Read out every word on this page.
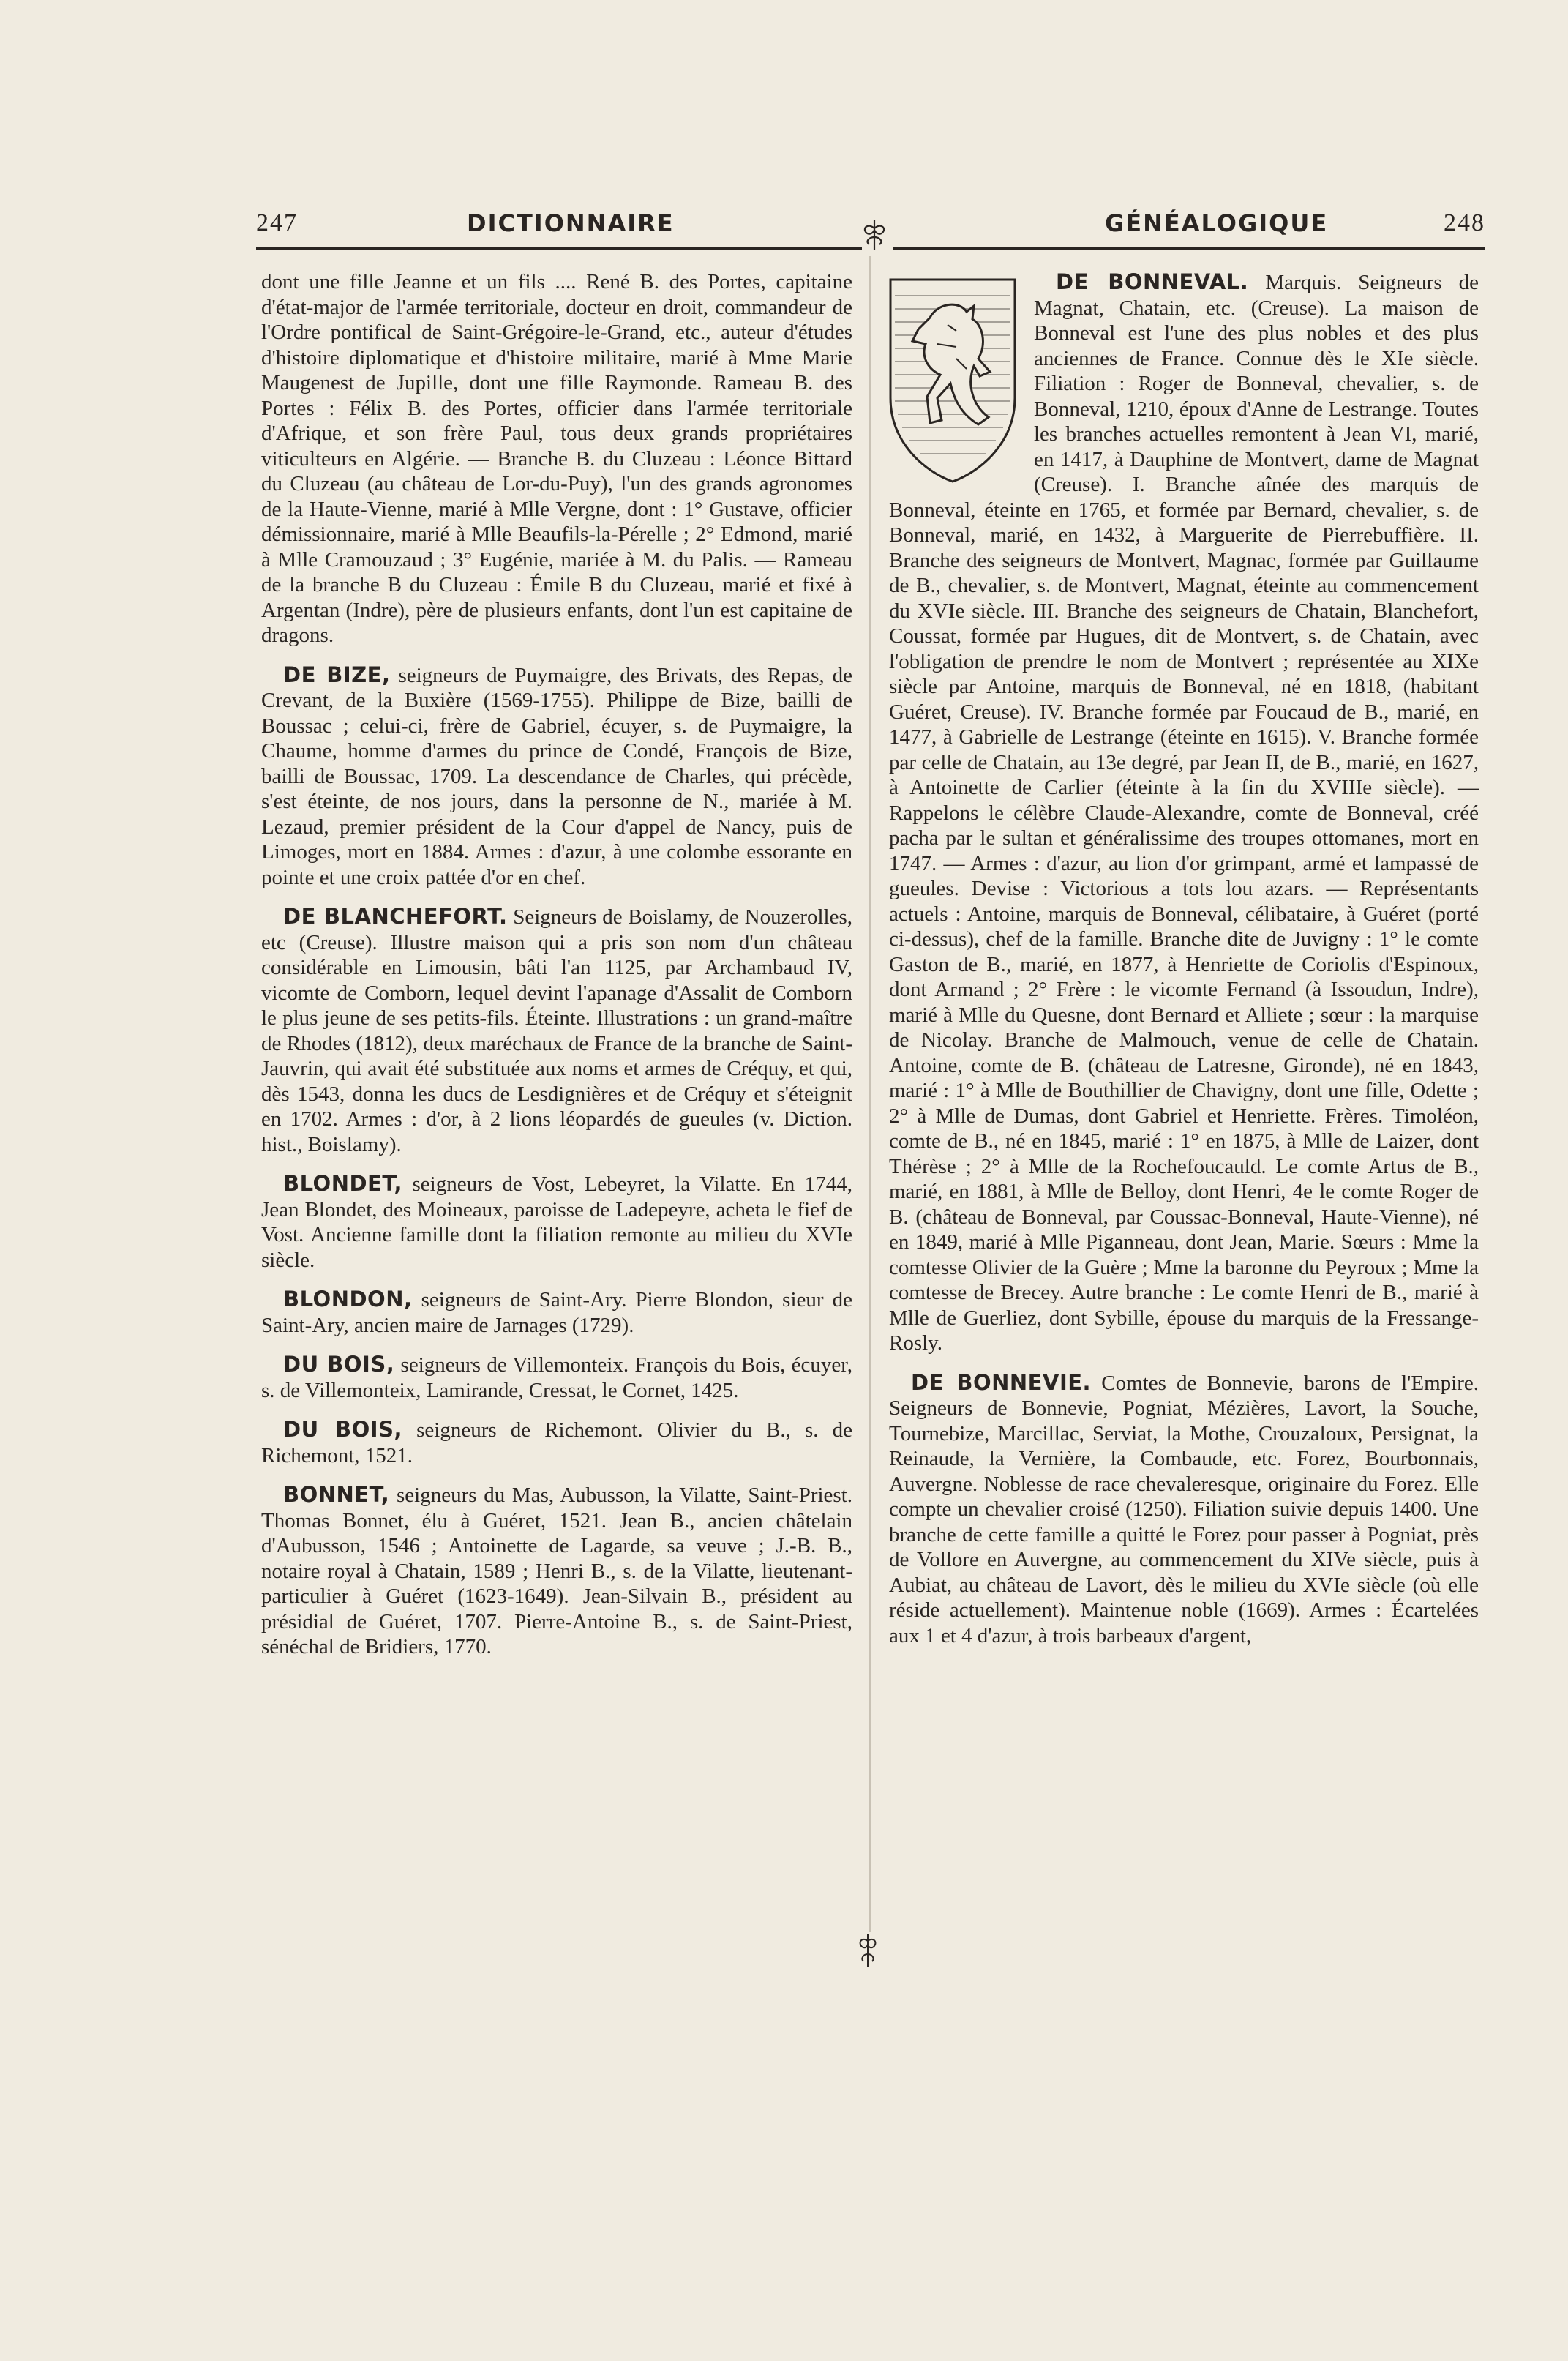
247	DICTIONNAIRE	GÉNÉALOGIQUE	248

dont une fille Jeanne et un fils .... René B. des Portes, capitaine d'état-major de l'armée territoriale, docteur en droit, commandeur de l'Ordre pontifical de Saint-Grégoire-le-Grand, etc., auteur d'études d'histoire diplomatique et d'histoire militaire, marié à Mme Marie Maugenest de Jupille, dont une fille Raymonde. Rameau B. des Portes : Félix B. des Portes, officier dans l'armée territoriale d'Afrique, et son frère Paul, tous deux grands propriétaires viticulteurs en Algérie. — Branche B. du Cluzeau : Léonce Bittard du Cluzeau (au château de Lor-du-Puy), l'un des grands agronomes de la Haute-Vienne, marié à Mlle Vergne, dont : 1° Gustave, officier démissionnaire, marié à Mlle Beaufils-la-Pérelle ; 2° Edmond, marié à Mlle Cramouzaud ; 3° Eugénie, mariée à M. du Palis. — Rameau de la branche B du Cluzeau : Émile B du Cluzeau, marié et fixé à Argentan (Indre), père de plusieurs enfants, dont l'un est capitaine de dragons.

DE BIZE, seigneurs de Puymaigre, des Brivats, des Repas, de Crevant, de la Buxière (1569-1755). Philippe de Bize, bailli de Boussac ; celui-ci, frère de Gabriel, écuyer, s. de Puymaigre, la Chaume, homme d'armes du prince de Condé, François de Bize, bailli de Boussac, 1709. La descendance de Charles, qui précède, s'est éteinte, de nos jours, dans la personne de N., mariée à M. Lezaud, premier président de la Cour d'appel de Nancy, puis de Limoges, mort en 1884. Armes : d'azur, à une colombe essorante en pointe et une croix pattée d'or en chef.

DE BLANCHEFORT. Seigneurs de Boislamy, de Nouzerolles, etc (Creuse). Illustre maison qui a pris son nom d'un château considérable en Limousin, bâti l'an 1125, par Archambaud IV, vicomte de Comborn, lequel devint l'apanage d'Assalit de Comborn le plus jeune de ses petits-fils. Éteinte. Illustrations : un grand-maître de Rhodes (1812), deux maréchaux de France de la branche de Saint-Jauvrin, qui avait été substituée aux noms et armes de Créquy, et qui, dès 1543, donna les ducs de Lesdignières et de Créquy et s'éteignit en 1702. Armes : d'or, à 2 lions léopardés de gueules (v. Diction. hist., Boislamy).

BLONDET, seigneurs de Vost, Lebeyret, la Vilatte. En 1744, Jean Blondet, des Moineaux, paroisse de Ladepeyre, acheta le fief de Vost. Ancienne famille dont la filiation remonte au milieu du XVIe siècle.

BLONDON, seigneurs de Saint-Ary. Pierre Blondon, sieur de Saint-Ary, ancien maire de Jarnages (1729).

DU BOIS, seigneurs de Villemonteix. François du Bois, écuyer, s. de Villemonteix, Lamirande, Cressat, le Cornet, 1425.

DU BOIS, seigneurs de Richemont. Olivier du B., s. de Richemont, 1521.

BONNET, seigneurs du Mas, Aubusson, la Vilatte, Saint-Priest. Thomas Bonnet, élu à Guéret, 1521. Jean B., ancien châtelain d'Aubusson, 1546 ; Antoinette de Lagarde, sa veuve ; J.-B. B., notaire royal à Chatain, 1589 ; Henri B., s. de la Vilatte, lieutenant-particulier à Guéret (1623-1649). Jean-Silvain B., président au présidial de Guéret, 1707. Pierre-Antoine B., s. de Saint-Priest, sénéchal de Bridiers, 1770.

DE BONNEVAL. Marquis. Seigneurs de Magnat, Chatain, etc. (Creuse). La maison de Bonneval est l'une des plus nobles et des plus anciennes de France. Connue dès le XIe siècle. Filiation : Roger de Bonneval, chevalier, s. de Bonneval, 1210, époux d'Anne de Lestrange. Toutes les branches actuelles remontent à Jean VI, marié, en 1417, à Dauphine de Montvert, dame de Magnat (Creuse). I. Branche aînée des marquis de Bonneval, éteinte en 1765, et formée par Bernard, chevalier, s. de Bonneval, marié, en 1432, à Marguerite de Pierrebuffière. II. Branche des seigneurs de Montvert, Magnac, formée par Guillaume de B., chevalier, s. de Montvert, Magnat, éteinte au commencement du XVIe siècle. III. Branche des seigneurs de Chatain, Blanchefort, Coussat, formée par Hugues, dit de Montvert, s. de Chatain, avec l'obligation de prendre le nom de Montvert ; représentée au XIXe siècle par Antoine, marquis de Bonneval, né en 1818, (habitant Guéret, Creuse). IV. Branche formée par Foucaud de B., marié, en 1477, à Gabrielle de Lestrange (éteinte en 1615). V. Branche formée par celle de Chatain, au 13e degré, par Jean II, de B., marié, en 1627, à Antoinette de Carlier (éteinte à la fin du XVIIIe siècle). — Rappelons le célèbre Claude-Alexandre, comte de Bonneval, créé pacha par le sultan et généralissime des troupes ottomanes, mort en 1747. — Armes : d'azur, au lion d'or grimpant, armé et lampassé de gueules. Devise : Victorious a tots lou azars. — Représentants actuels : Antoine, marquis de Bonneval, célibataire, à Guéret (porté ci-dessus), chef de la famille. Branche dite de Juvigny : 1° le comte Gaston de B., marié, en 1877, à Henriette de Coriolis d'Espinoux, dont Armand ; 2° Frère : le vicomte Fernand (à Issoudun, Indre), marié à Mlle du Quesne, dont Bernard et Alliete ; sœur : la marquise de Nicolay. Branche de Malmouch, venue de celle de Chatain. Antoine, comte de B. (château de Latresne, Gironde), né en 1843, marié : 1° à Mlle de Bouthillier de Chavigny, dont une fille, Odette ; 2° à Mlle de Dumas, dont Gabriel et Henriette. Frères. Timoléon, comte de B., né en 1845, marié : 1° en 1875, à Mlle de Laizer, dont Thérèse ; 2° à Mlle de la Rochefoucauld. Le comte Artus de B., marié, en 1881, à Mlle de Belloy, dont Henri, 4e le comte Roger de B. (château de Bonneval, par Coussac-Bonneval, Haute-Vienne), né en 1849, marié à Mlle Piganneau, dont Jean, Marie. Sœurs : Mme la comtesse Olivier de la Guère ; Mme la baronne du Peyroux ; Mme la comtesse de Brecey. Autre branche : Le comte Henri de B., marié à Mlle de Guerliez, dont Sybille, épouse du marquis de la Fressange-Rosly.

DE BONNEVIE. Comtes de Bonnevie, barons de l'Empire. Seigneurs de Bonnevie, Pogniat, Mézières, Lavort, la Souche, Tournebize, Marcillac, Serviat, la Mothe, Crouzaloux, Persignat, la Reinaude, la Vernière, la Combaude, etc. Forez, Bourbonnais, Auvergne. Noblesse de race chevaleresque, originaire du Forez. Elle compte un chevalier croisé (1250). Filiation suivie depuis 1400. Une branche de cette famille a quitté le Forez pour passer à Pogniat, près de Vollore en Auvergne, au commencement du XIVe siècle, puis à Aubiat, au château de Lavort, dès le milieu du XVIe siècle (où elle réside actuellement). Maintenue noble (1669). Armes : Écartelées aux 1 et 4 d'azur, à trois barbeaux d'argent,
